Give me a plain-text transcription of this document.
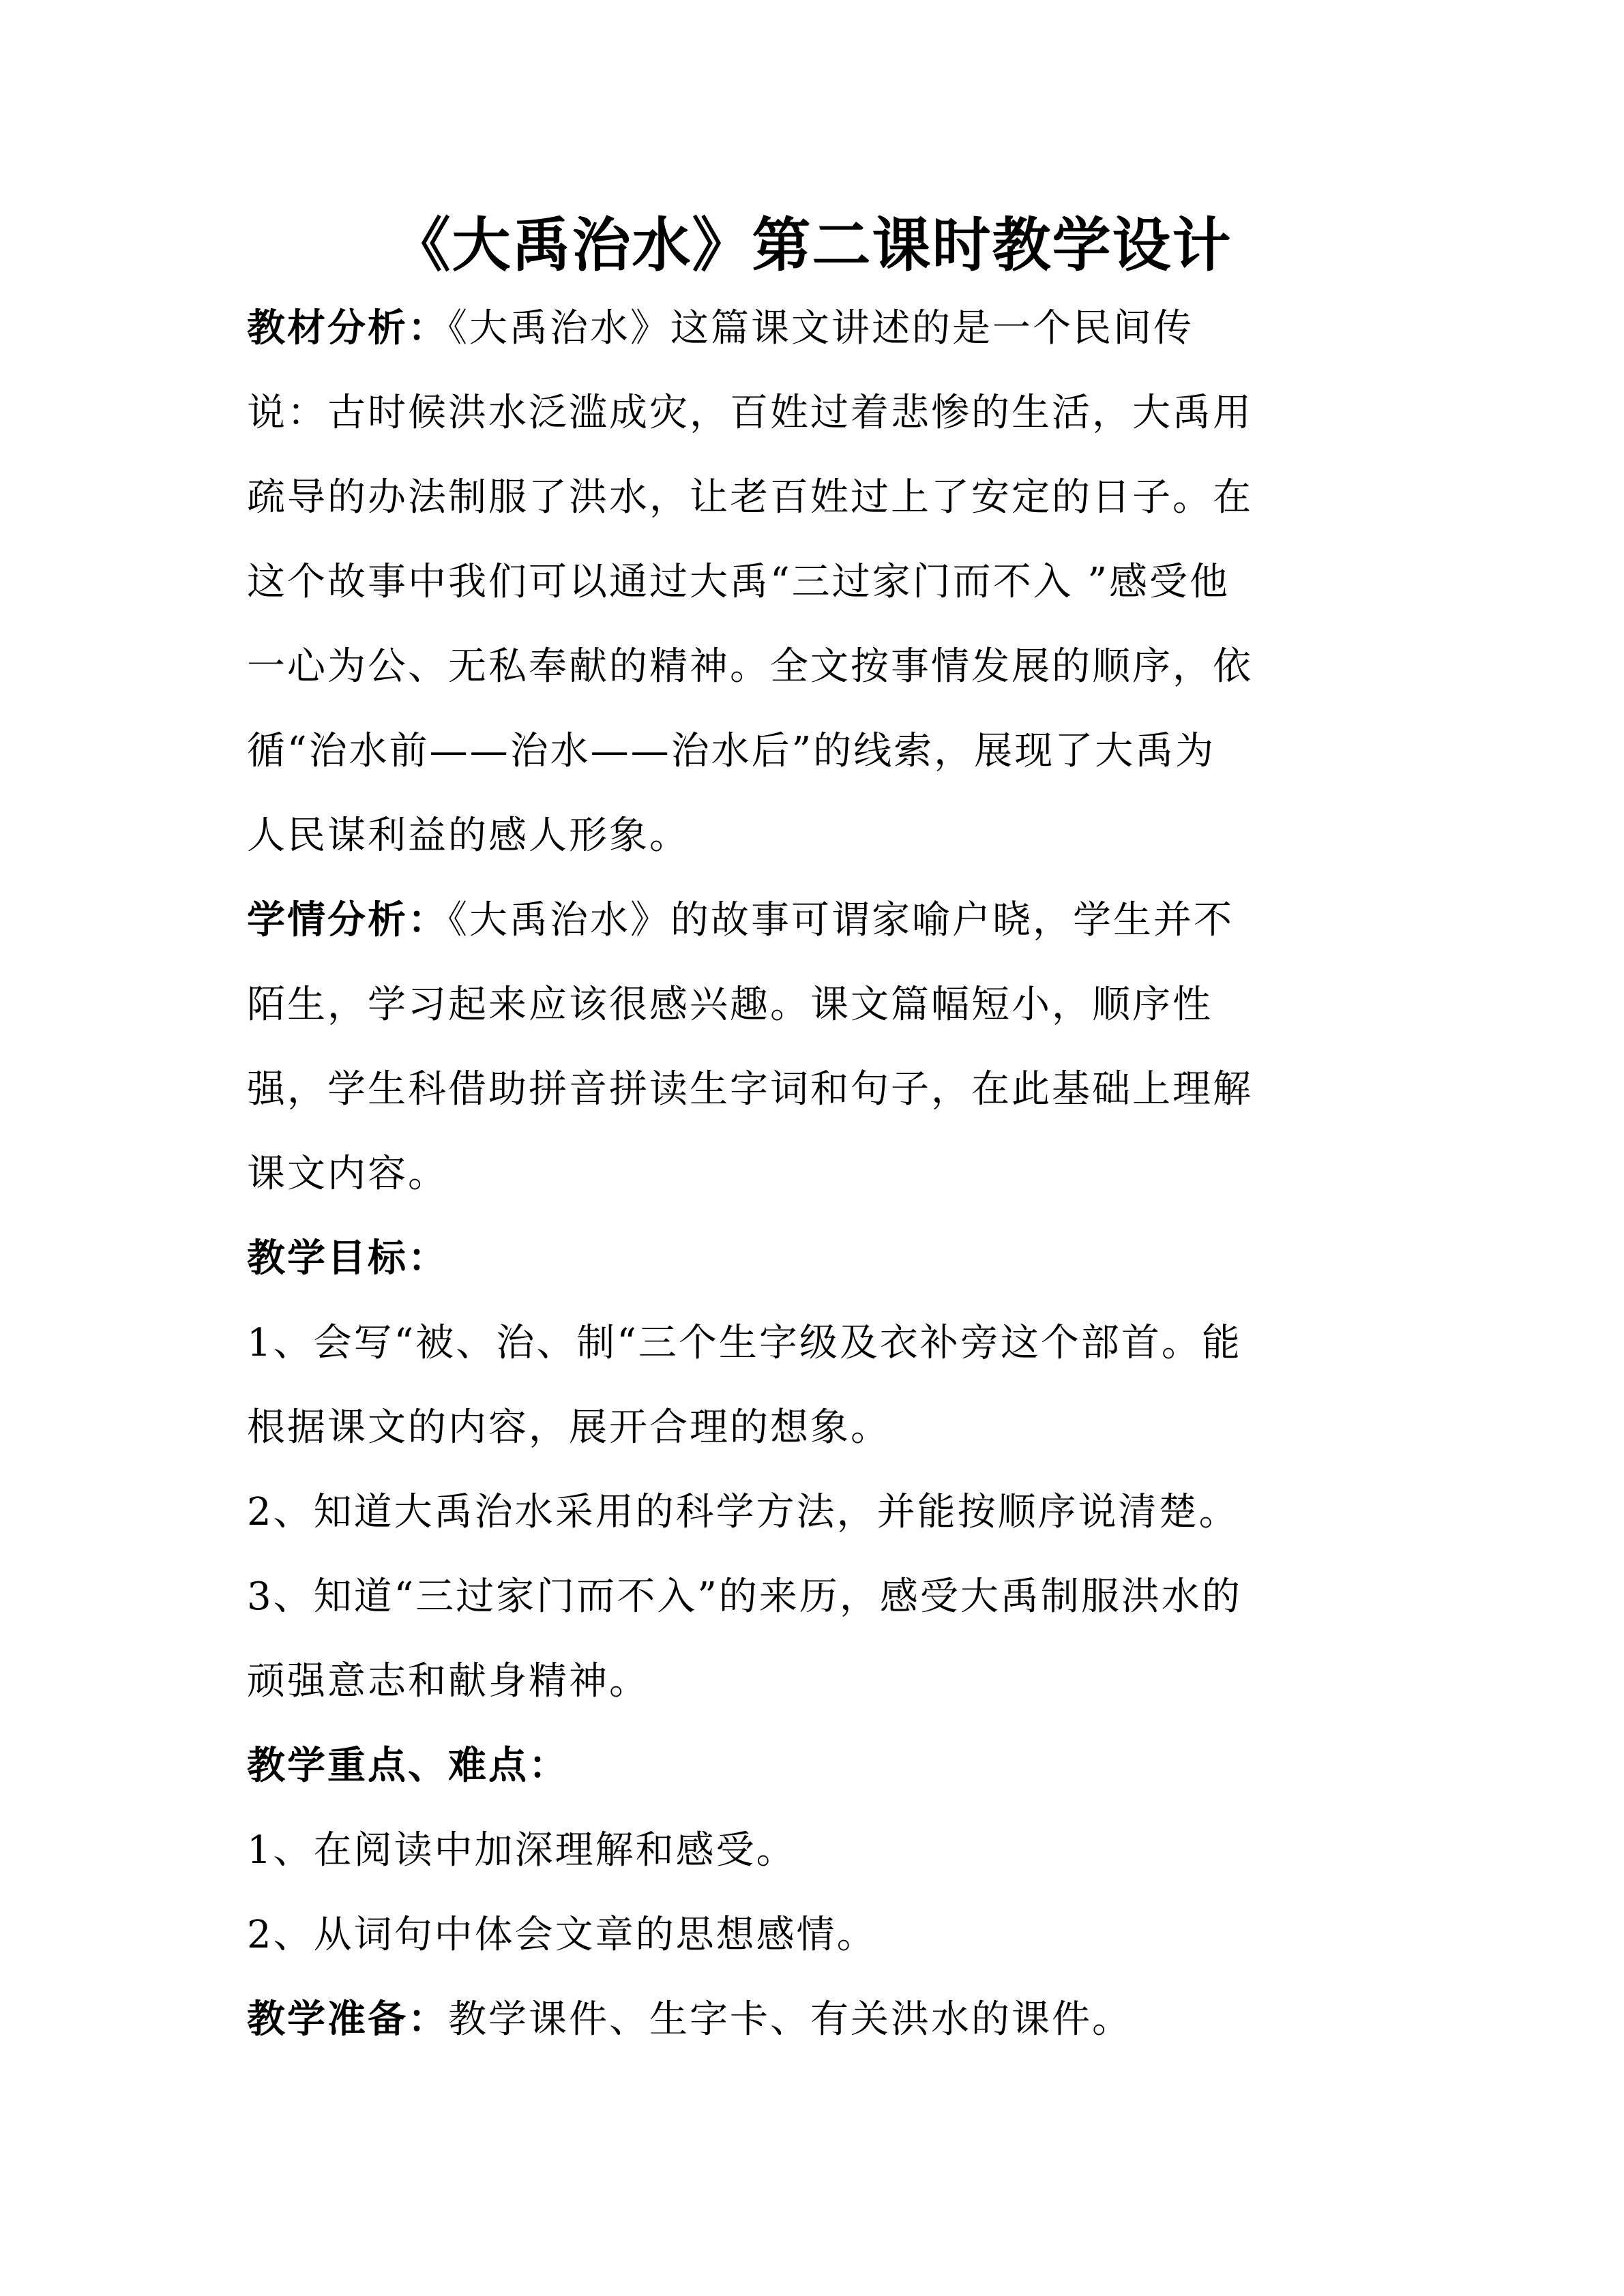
《大禹治水》第二课时教学设计
教材分析：《大禹治水》这篇课文讲述的是一个民间传
说：古时候洪水泛滥成灾，百姓过着悲惨的生活，大禹用
疏导的办法制服了洪水，让老百姓过上了安定的日子。在
这个故事中我们可以通过大禹“三过家门而不入 ”感受他
一心为公、无私奉献的精神。全文按事情发展的顺序，依
循“治水前——治水——治水后”的线索，展现了大禹为
人民谋利益的感人形象。
学情分析：《大禹治水》的故事可谓家喻户晓，学生并不
陌生，学习起来应该很感兴趣。课文篇幅短小，顺序性
强，学生科借助拼音拼读生字词和句子，在此基础上理解
课文内容。
教学目标：
1、会写“被、治、制“三个生字级及衣补旁这个部首。能
根据课文的内容，展开合理的想象。
2、知道大禹治水采用的科学方法，并能按顺序说清楚。
3、知道“三过家门而不入”的来历，感受大禹制服洪水的
顽强意志和献身精神。
教学重点、难点：
1、在阅读中加深理解和感受。
2、从词句中体会文章的思想感情。
教学准备：教学课件、生字卡、有关洪水的课件。
